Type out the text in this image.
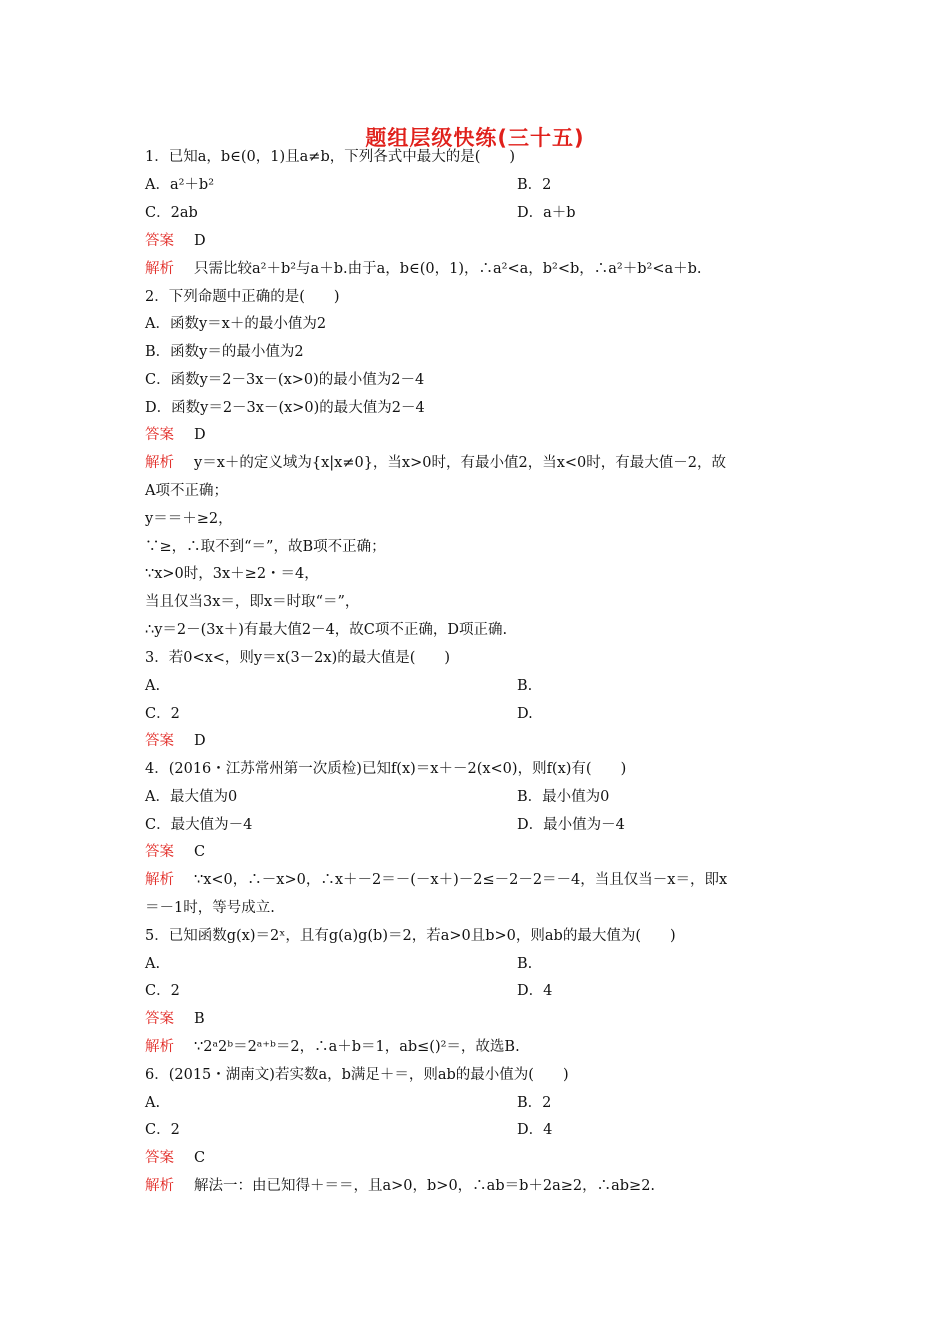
题组层级快练(三十五)
1．已知a，b∈(0，1)且a≠b，下列各式中最大的是(　　)
A．a²＋b²	B．2
C．2ab	D．a＋b
答案 D
解析 只需比较a²＋b²与a＋b.由于a，b∈(0，1)，∴a²<a，b²<b，∴a²＋b²<a＋b.
2．下列命题中正确的是(　　)
A．函数y＝x＋的最小值为2
B．函数y＝的最小值为2
C．函数y＝2－3x－(x>0)的最小值为2－4
D．函数y＝2－3x－(x>0)的最大值为2－4
答案 D
解析 y＝x＋的定义域为{x|x≠0}，当x>0时，有最小值2，当x<0时，有最大值－2，故
A项不正确；
y＝＝＋≥2，
∵≥，∴取不到“＝”，故B项不正确；
∵x>0时，3x＋≥2・＝4，
当且仅当3x＝，即x＝时取“＝”，
∴y＝2－(3x＋)有最大值2－4，故C项不正确，D项正确.
3．若0<x<，则y＝x(3－2x)的最大值是(　　)
A.	B.
C．2	D.
答案 D
4．(2016・江苏常州第一次质检)已知f(x)＝x＋－2(x<0)，则f(x)有(　　)
A．最大值为0	B．最小值为0
C．最大值为－4	D．最小值为－4
答案 C
解析 ∵x<0，∴－x>0，∴x＋－2＝－(－x＋)－2≤－2－2＝－4，当且仅当－x＝，即x
＝－1时，等号成立.
5．已知函数g(x)＝2ˣ，且有g(a)g(b)＝2，若a>0且b>0，则ab的最大值为(　　)
A.	B.
C．2	D．4
答案 B
解析 ∵2ᵃ2ᵇ＝2ᵃ⁺ᵇ＝2，∴a＋b＝1，ab≤()²＝，故选B.
6．(2015・湖南文)若实数a，b满足＋＝，则ab的最小值为(　　)
A.	B．2
C．2	D．4
答案 C
解析 解法一：由已知得＋＝＝，且a>0，b>0，∴ab＝b＋2a≥2，∴ab≥2.
